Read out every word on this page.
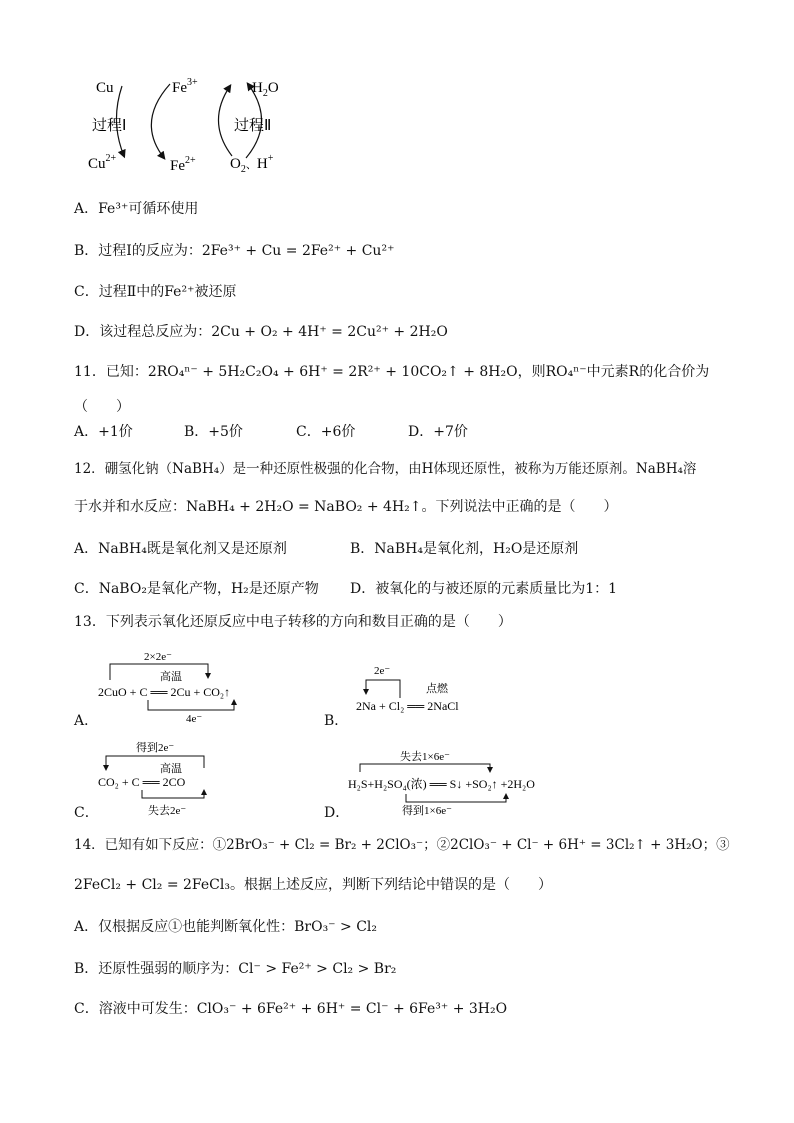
Cu
$Cu^{2+}$
$Fe^{3+}$
$Fe^{2+}$
$H_2O$
$O_2^、H^+$
过程Ⅰ	过程Ⅱ
A．Fe³⁺可循环使用
B．过程Ⅰ的反应为：2Fe³⁺ + Cu = 2Fe²⁺ + Cu²⁺
C．过程Ⅱ中的Fe²⁺被还原
D．该过程总反应为：2Cu + O₂ + 4H⁺ = 2Cu²⁺ + 2H₂O
11．已知：2RO₄ⁿ⁻ + 5H₂C₂O₄ + 6H⁺ = 2R²⁺ + 10CO₂↑ + 8H₂O，则RO₄ⁿ⁻中元素R的化合价为
（　　）
A．+1价	B．+5价	C．+6价	D．+7价
12．硼氢化钠（NaBH₄）是一种还原性极强的化合物，由H体现还原性，被称为万能还原剂。NaBH₄溶
于水并和水反应：NaBH₄ + 2H₂O = NaBO₂ + 4H₂↑。下列说法中正确的是（　　）
A．NaBH₄既是氧化剂又是还原剂	B．NaBH₄是氧化剂，H₂O是还原剂
C．NaBO₂是氧化产物，H₂是还原产物 D．被氧化的与被还原的元素质量比为1：1
13．下列表示氧化还原反应中电子转移的方向和数目正确的是（　　）
A．
2×2e⁻
高温
2CuO + C ══ 2Cu + CO₂↑
4e⁻	B．
2e⁻
点燃
2Na + Cl₂ ══ 2NaCl
C．
得到2e⁻
高温
CO₂ + C ══ 2CO
失去2e⁻	D．
失去1×6e⁻
H₂S+H₂SO₄(浓) ══ S↓ +SO₂↑ +2H₂O
得到1×6e⁻
14．已知有如下反应：①2BrO₃⁻ + Cl₂ = Br₂ + 2ClO₃⁻；②2ClO₃⁻ + Cl⁻ + 6H⁺ = 3Cl₂↑ + 3H₂O；③
2FeCl₂ + Cl₂ = 2FeCl₃。根据上述反应，判断下列结论中错误的是（　　）
A．仅根据反应①也能判断氧化性：BrO₃⁻ > Cl₂
B．还原性强弱的顺序为：Cl⁻ > Fe²⁺ > Cl₂ > Br₂
C．溶液中可发生：ClO₃⁻ + 6Fe²⁺ + 6H⁺ = Cl⁻ + 6Fe³⁺ + 3H₂O
